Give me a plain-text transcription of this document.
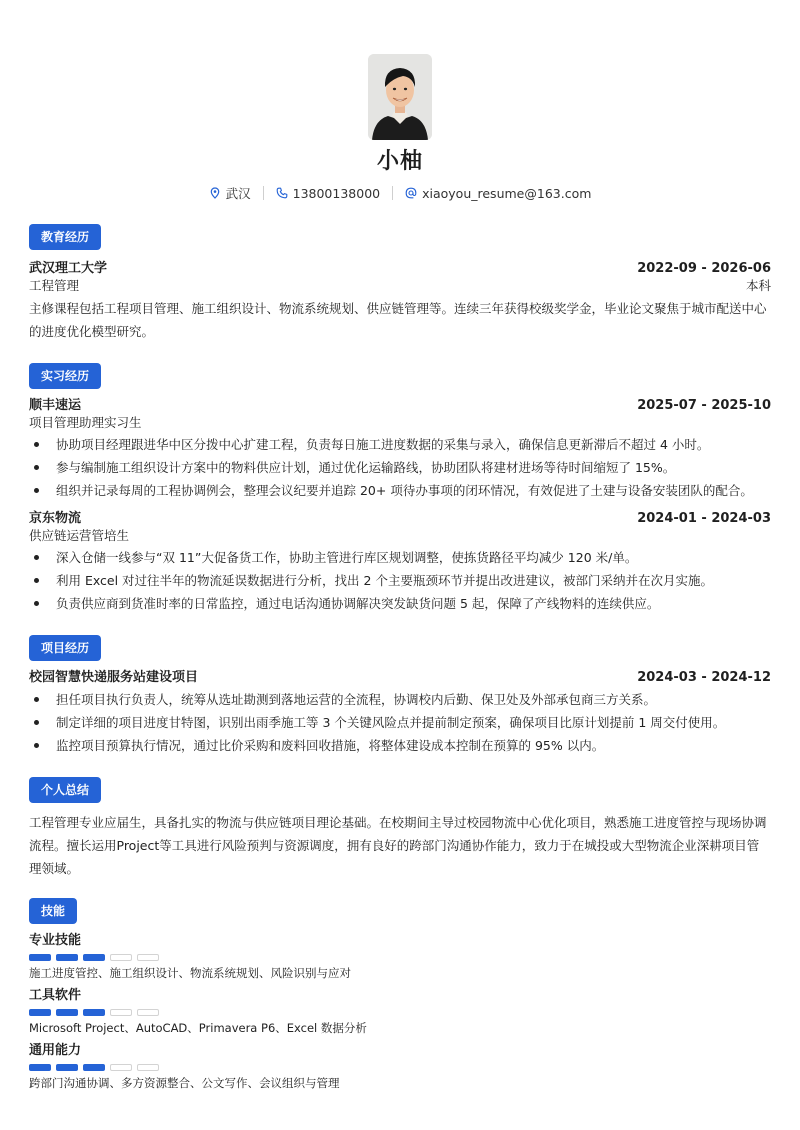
小柚
武汉	13800138000	xiaoyou_resume@163.com
教育经历
武汉理工大学	2022-09 - 2026-06
工程管理	本科
主修课程包括工程项目管理、施工组织设计、物流系统规划、供应链管理等。连续三年获得校级奖学金，毕业论文聚焦于城市配送中心的进度优化模型研究。
实习经历
顺丰速运	2025-07 - 2025-10
项目管理助理实习生
协助项目经理跟进华中区分拨中心扩建工程，负责每日施工进度数据的采集与录入，确保信息更新滞后不超过 4 小时。
参与编制施工组织设计方案中的物料供应计划，通过优化运输路线，协助团队将建材进场等待时间缩短了 15%。
组织并记录每周的工程协调例会，整理会议纪要并追踪 20+ 项待办事项的闭环情况，有效促进了土建与设备安装团队的配合。
京东物流	2024-01 - 2024-03
供应链运营管培生
深入仓储一线参与“双 11”大促备货工作，协助主管进行库区规划调整，使拣货路径平均减少 120 米/单。
利用 Excel 对过往半年的物流延误数据进行分析，找出 2 个主要瓶颈环节并提出改进建议，被部门采纳并在次月实施。
负责供应商到货准时率的日常监控，通过电话沟通协调解决突发缺货问题 5 起，保障了产线物料的连续供应。
项目经历
校园智慧快递服务站建设项目	2024-03 - 2024-12
担任项目执行负责人，统筹从选址勘测到落地运营的全流程，协调校内后勤、保卫处及外部承包商三方关系。
制定详细的项目进度甘特图，识别出雨季施工等 3 个关键风险点并提前制定预案，确保项目比原计划提前 1 周交付使用。
监控项目预算执行情况，通过比价采购和废料回收措施，将整体建设成本控制在预算的 95% 以内。
个人总结
工程管理专业应届生，具备扎实的物流与供应链项目理论基础。在校期间主导过校园物流中心优化项目，熟悉施工进度管控与现场协调流程。擅长运用Project等工具进行风险预判与资源调度，拥有良好的跨部门沟通协作能力，致力于在城投或大型物流企业深耕项目管理领域。
技能
专业技能
施工进度管控、施工组织设计、物流系统规划、风险识别与应对
工具软件
Microsoft Project、AutoCAD、Primavera P6、Excel 数据分析
通用能力
跨部门沟通协调、多方资源整合、公文写作、会议组织与管理
